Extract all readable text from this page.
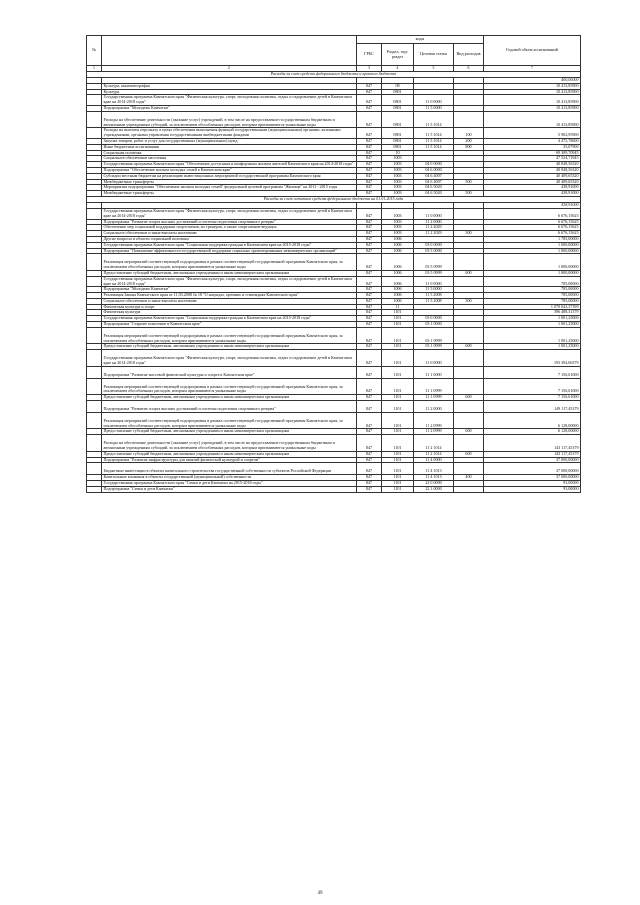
№		коды				Годовой объем ассигнований
		ГРБС	Раздел, под-раздел	Целевая статья	Вид расходов	
1	2	3	4	5	6	7
Расходы за счет средств федерального бюджета и краевого бюджета						
						400,00000
	Культура, кинематография	847	08			10 413,85900
	Культура	847	0801			10 413,85900
	Государственная программа Камчатского края "Физическая культура, спорт, молодежная политика, отдых и оздоровление детей в Камчатском крае на 2014-2018 годы"	847	0801	11 0 0000		10 413,85900
	Подпрограмма "Молодежь Камчатки"	847	0801	11 5 0000		10 413,85900
	Расходы на обеспечение деятельности (оказание услуг) учреждений, в том числе на предоставление государственным бюджетным и автономным учреждениям субсидий, за исключением обособленных расходов, которым присваиваются уникальные коды	847	0801	11 5 1014		10 413,85900
	Расходы на выплаты персоналу в целях обеспечения выполнения функций государственными (муниципальными) органами, казенными учреждениями, органами управления государственными внебюджетными фондами	847	0801	11 5 1014	100	5 902,95900
	Закупка товаров, работ и услуг для государственных (муниципальных) нужд	847	0801	11 5 1014	200	4 475,78600
	Иные бюджетные ассигнования	847	0801	11 5 1014	800	35,07900
	Социальная политика	847	10			69 309,70945
	Социальное обеспечение населения	847	1003			47 524,71945
	Государственная программа Камчатского края "Обеспечение доступным и комфортным жильем жителей Камчатского края на 2014-2018 годы"	847	1003	04 0 0000		40 848,56320
	Подпрограмма "Обеспечение жильем молодых семей в Камчатском крае"	847	1003	04 6 0000		40 848,56320
	Субсидии местным бюджетам на реализацию инвестиционных мероприятий государственной программы Камчатского края	847	1003	04 6 4007		40 409,65320
	Межбюджетные трансферты	847	1003	04 6 4007	500	40 409,65320
	Мероприятия подпрограммы "Обеспечение жильем молодых семей" федеральной целевой программы "Жилище" на 2011 - 2015 годы	847	1003	04 6 5020		438,91000
	Межбюджетные трансферты	847	1003	04 6 5020	500	438,91000
Расходы за счет остатков средств федерального бюджета на 01.01.2015 года						
						438,91000
	Государственная программа Камчатского края "Физическая культура, спорт, молодежная политика, отдых и оздоровление детей в Камчатском крае на 2014-2018 годы"	847	1003	11 0 0000		6 676,15625
	Подпрограмма "Развитие спорта высших достижений и системы подготовки спортивного резерва"	847	1003	11 2 0000		6 676,15625
	Обеспечение мер социальной поддержки спортсменов, их тренеров, а также спортсменов-ведущих	847	1003	11 2 2029		6 676,15625
	Социальное обеспечение и иные выплаты населению	847	1003	11 2 2029	300	6 676,15625
	Другие вопросы в области социальной политики	847	1006			1 785,00000
	Государственная программа Камчатского края "Социальная поддержка граждан в Камчатском крае на 2015-2018 годы"	847	1006	03 0 0000		1 000,00000
	Подпрограмма "Повышение эффективности государственной поддержки социально ориентированных некоммерческих организаций"	847	1006	03 5 0000		1 000,00000
	Реализация мероприятий соответствующей подпрограммы в рамках соответствующей государственной программы Камчатского края, за исключением обособленных расходов, которым присваиваются уникальные коды	847	1006	03 5 0999		1 000,00000
	Предоставление субсидий бюджетным, автономным учреждениям и иным некоммерческим организациям	847	1006	03 5 0999	600	1 000,00000
	Государственная программа Камчатского края "Физическая культура, спорт, молодежная политика, отдых и оздоровление детей в Камчатском крае на 2014-2018 годы"	847	1006	11 0 0000		785,00000
	Подпрограмма "Молодежь Камчатки"	847	1006	11 5 0000		785,00000
	Реализация Закона Камчатского края от 11.03.2008 № 18 "О наградах, премиях и стипендиях Камчатского края"	847	1006	11 5 2008		785,00000
	Социальное обеспечение и иные выплаты населению	847	1006	11 5 2008	300	785,00000
	Физическая культура и спорт	847	11			1 070 043,37399
	Физическая культура	847	1101			396 488,31379
	Государственная программа Камчатского края "Социальная поддержка граждан в Камчатском крае на 2015-2018 годы"	847	1101	03 0 0000		1 001,25000
	Подпрограмма "Старшее поколение в Камчатском крае"	847	1101	03 1 0000		1 001,25000
	Реализация мероприятий соответствующей подпрограммы в рамках соответствующей государственной программы Камчатского края, за исключением обособленных расходов, которым присваиваются уникальные коды	847	1101	03 1 0999		1 001,25000
	Предоставление субсидий бюджетным, автономным учреждениям и иным некоммерческим организациям	847	1101	03 1 0999	600	1 001,25000
	Государственная программа Камчатского края "Физическая культура, спорт, молодежная политика, отдых и оздоровление детей в Камчатском крае на 2014-2018 годы"	847	1101	11 0 0000		193 394,06379
	Подпрограмма "Развитие массовой физической культуры и спорта в Камчатском крае"	847	1101	11 1 0000		7 156,61000
	Реализация мероприятий соответствующей подпрограммы в рамках соответствующей государственной программы Камчатского края, за исключением обособленных расходов, которым присваиваются уникальные коды	847	1101	11 1 0999		7 156,61000
	Предоставление субсидий бюджетным, автономным учреждениям и иным некоммерческим организациям	847	1101	11 1 0999	600	7 156,61000
	Подпрограмма "Развитие спорта высших достижений и системы подготовки спортивного резерва"	847	1101	11 2 0000		149 117,45379
	Реализация мероприятий соответствующей подпрограммы в рамках соответствующей государственной программы Камчатского края, за исключением обособленных расходов, которым присваиваются уникальные коды	847	1101	11 2 0999		6 128,00000
	Предоставление субсидий бюджетным, автономным учреждениям и иным некоммерческим организациям	847	1101	11 2 0999	600	6 128,00000
	Расходы на обеспечение деятельности (оказание услуг) учреждений, в том числе на предоставление государственным бюджетным и автономным учреждениям субсидий, за исключением обособленных расходов, которым присваиваются уникальные коды	847	1101	11 2 1014		143 117,45379
	Предоставление субсидий бюджетным, автономным учреждениям и иным некоммерческим организациям	847	1101	11 2 1014	600	143 117,45379
	Подпрограмма "Развитие инфраструктуры для занятий физической культурой и спортом"	847	1101	11 4 0000		37 000,00000
	Бюджетные инвестиции в объекты капитального строительства государственной собственности субъектов Российской Федерации	847	1101	11 4 1013		37 000,00000
	Капитальные вложения в объекты государственной (муниципальной) собственности	847	1101	11 4 1013	400	37 000,00000
	Государственная программа Камчатского края "Семья и дети Камчатки на 2015-2018 годы"	847	1101	22 0 0000		93,00000
	Подпрограмма "Семья и дети Камчатки"	847	1101	22 1 0000		93,00000
49
